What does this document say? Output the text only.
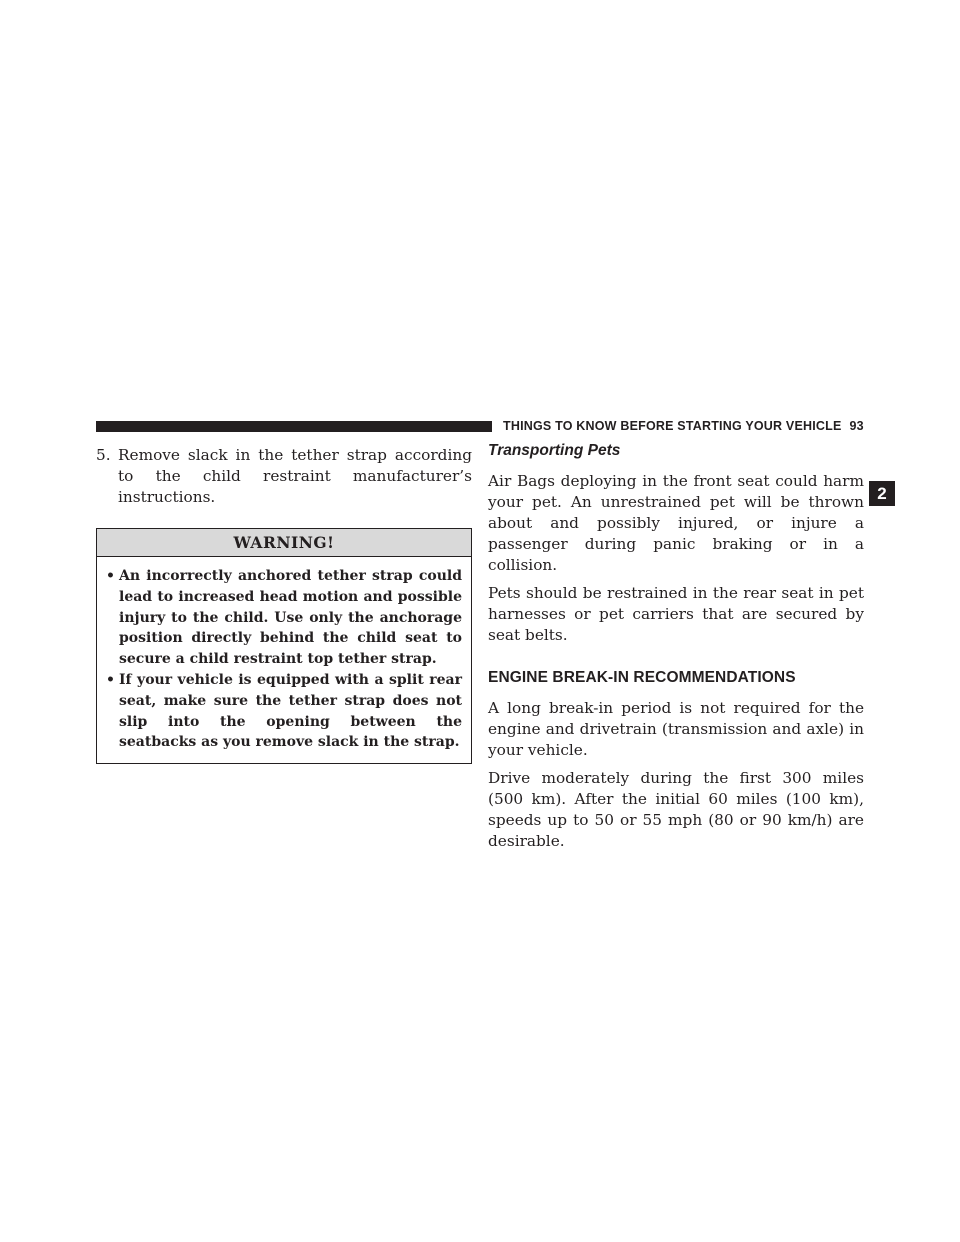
THINGS TO KNOW BEFORE STARTING YOUR VEHICLE 93
2

5. Remove slack in the tether strap according to the child restraint manufacturer’s instructions.

WARNING!
• An incorrectly anchored tether strap could lead to increased head motion and possible injury to the child. Use only the anchorage position directly behind the child seat to secure a child restraint top tether strap.
• If your vehicle is equipped with a split rear seat, make sure the tether strap does not slip into the opening between the seatbacks as you remove slack in the strap.
Transporting Pets

Air Bags deploying in the front seat could harm your pet. An unrestrained pet will be thrown about and possibly injured, or injure a passenger during panic braking or in a collision.

Pets should be restrained in the rear seat in pet harnesses or pet carriers that are secured by seat belts.

ENGINE BREAK-IN RECOMMENDATIONS

A long break-in period is not required for the engine and drivetrain (transmission and axle) in your vehicle.

Drive moderately during the first 300 miles (500 km). After the initial 60 miles (100 km), speeds up to 50 or 55 mph (80 or 90 km/h) are desirable.
